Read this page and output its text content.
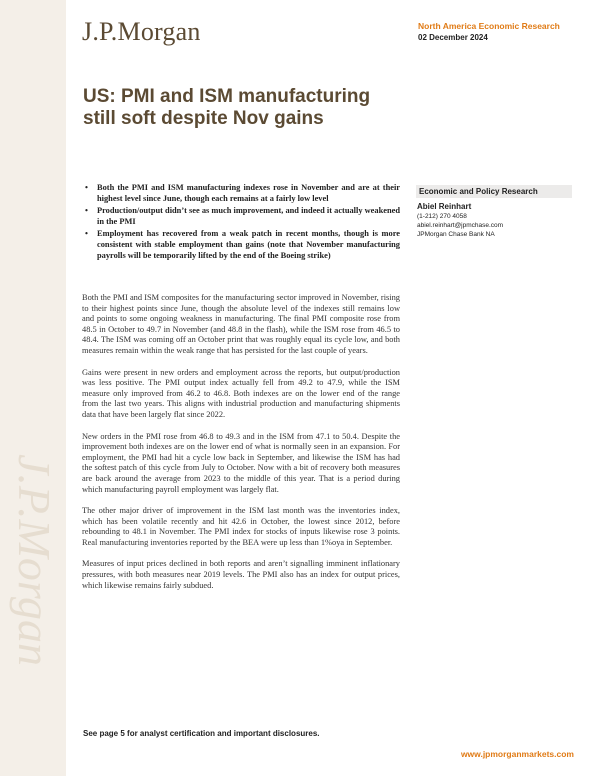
J.P.Morgan
J.P.Morgan	North America Economic Research
02 December 2024
US: PMI and ISM manufacturing still soft despite Nov gains
• Both the PMI and ISM manufacturing indexes rose in November and are at their highest level since June, though each remains at a fairly low level
• Production/output didn’t see as much improvement, and indeed it actually weakened in the PMI
• Employment has recovered from a weak patch in recent months, though is more consistent with stable employment than gains (note that November manufacturing payrolls will be temporarily lifted by the end of the Boeing strike)

Both the PMI and ISM composites for the manufacturing sector improved in November, rising to their highest points since June, though the absolute level of the indexes still remains low and points to some ongoing weakness in manufacturing. The final PMI composite rose from 48.5 in October to 49.7 in November (and 48.8 in the flash), while the ISM rose from 46.5 to 48.4. The ISM was coming off an October print that was roughly equal its cycle low, and both measures remain within the weak range that has persisted for the last couple of years.

Gains were present in new orders and employment across the reports, but output/production was less positive. The PMI output index actually fell from 49.2 to 47.9, while the ISM measure only improved from 46.2 to 46.8. Both indexes are on the lower end of the range from the last two years. This aligns with industrial production and manufacturing shipments data that have been largely flat since 2022.

New orders in the PMI rose from 46.8 to 49.3 and in the ISM from 47.1 to 50.4. Despite the improvement both indexes are on the lower end of what is normally seen in an expansion. For employment, the PMI had hit a cycle low back in September, and likewise the ISM has had the softest patch of this cycle from July to October. Now with a bit of recovery both measures are back around the average from 2023 to the middle of this year. That is a period during which manufacturing payroll employment was largely flat.

The other major driver of improvement in the ISM last month was the inventories index, which has been volatile recently and hit 42.6 in October, the lowest since 2012, before rebounding to 48.1 in November. The PMI index for stocks of inputs likewise rose 3 points. Real manufacturing inventories reported by the BEA were up less than 1%oya in September.

Measures of input prices declined in both reports and aren’t signalling imminent inflationary pressures, with both measures near 2019 levels. The PMI also has an index for output prices, which likewise remains fairly subdued.

Economic and Policy Research
Abiel Reinhart
(1-212) 270 4058
abiel.reinhart@jpmchase.com
JPMorgan Chase Bank NA
See page 5 for analyst certification and important disclosures.
www.jpmorganmarkets.com
